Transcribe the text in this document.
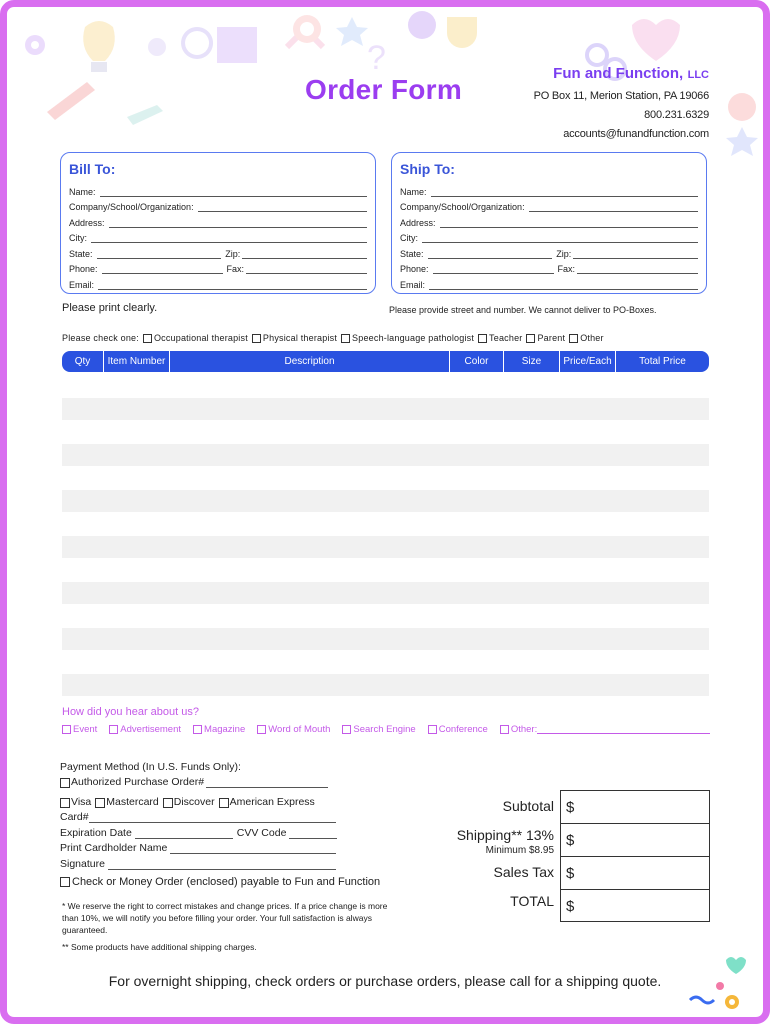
?
Order Form
Fun and Function, LLC
PO Box 11, Merion Station, PA 19066
800.231.6329
accounts@funandfunction.com
Bill To:
Name:
Company/School/Organization:
Address:
City:
State:	Zip:
Phone:	Fax:
Email:
Ship To:
Name:
Company/School/Organization:
Address:
City:
State:	Zip:
Phone:	Fax:
Email:
Please print clearly.	Please provide street and number. We cannot deliver to PO-Boxes.
Please check one: Occupational therapist Physical therapist Speech-language pathologist Teacher Parent Other
Qty	Item Number	Description	Color	Size	Price/Each	Total Price
How did you hear about us?
Event Advertisement Magazine Word of Mouth Search Engine Conference Other:
Payment Method (In U.S. Funds Only):
Authorized Purchase Order#
Visa Mastercard Discover American Express
Card#
Expiration Date	CVV Code
Print Cardholder Name
Signature
Check or Money Order (enclosed) payable to Fun and Function
* We reserve the right to correct mistakes and change prices. If a price change is more than 10%, we will notify you before filling your order. Your full satisfaction is always guaranteed.
** Some products have additional shipping charges.
Subtotal $
Shipping** 13%
Minimum $8.95
$
Sales Tax $
TOTAL $
For overnight shipping, check orders or purchase orders, please call for a shipping quote.
